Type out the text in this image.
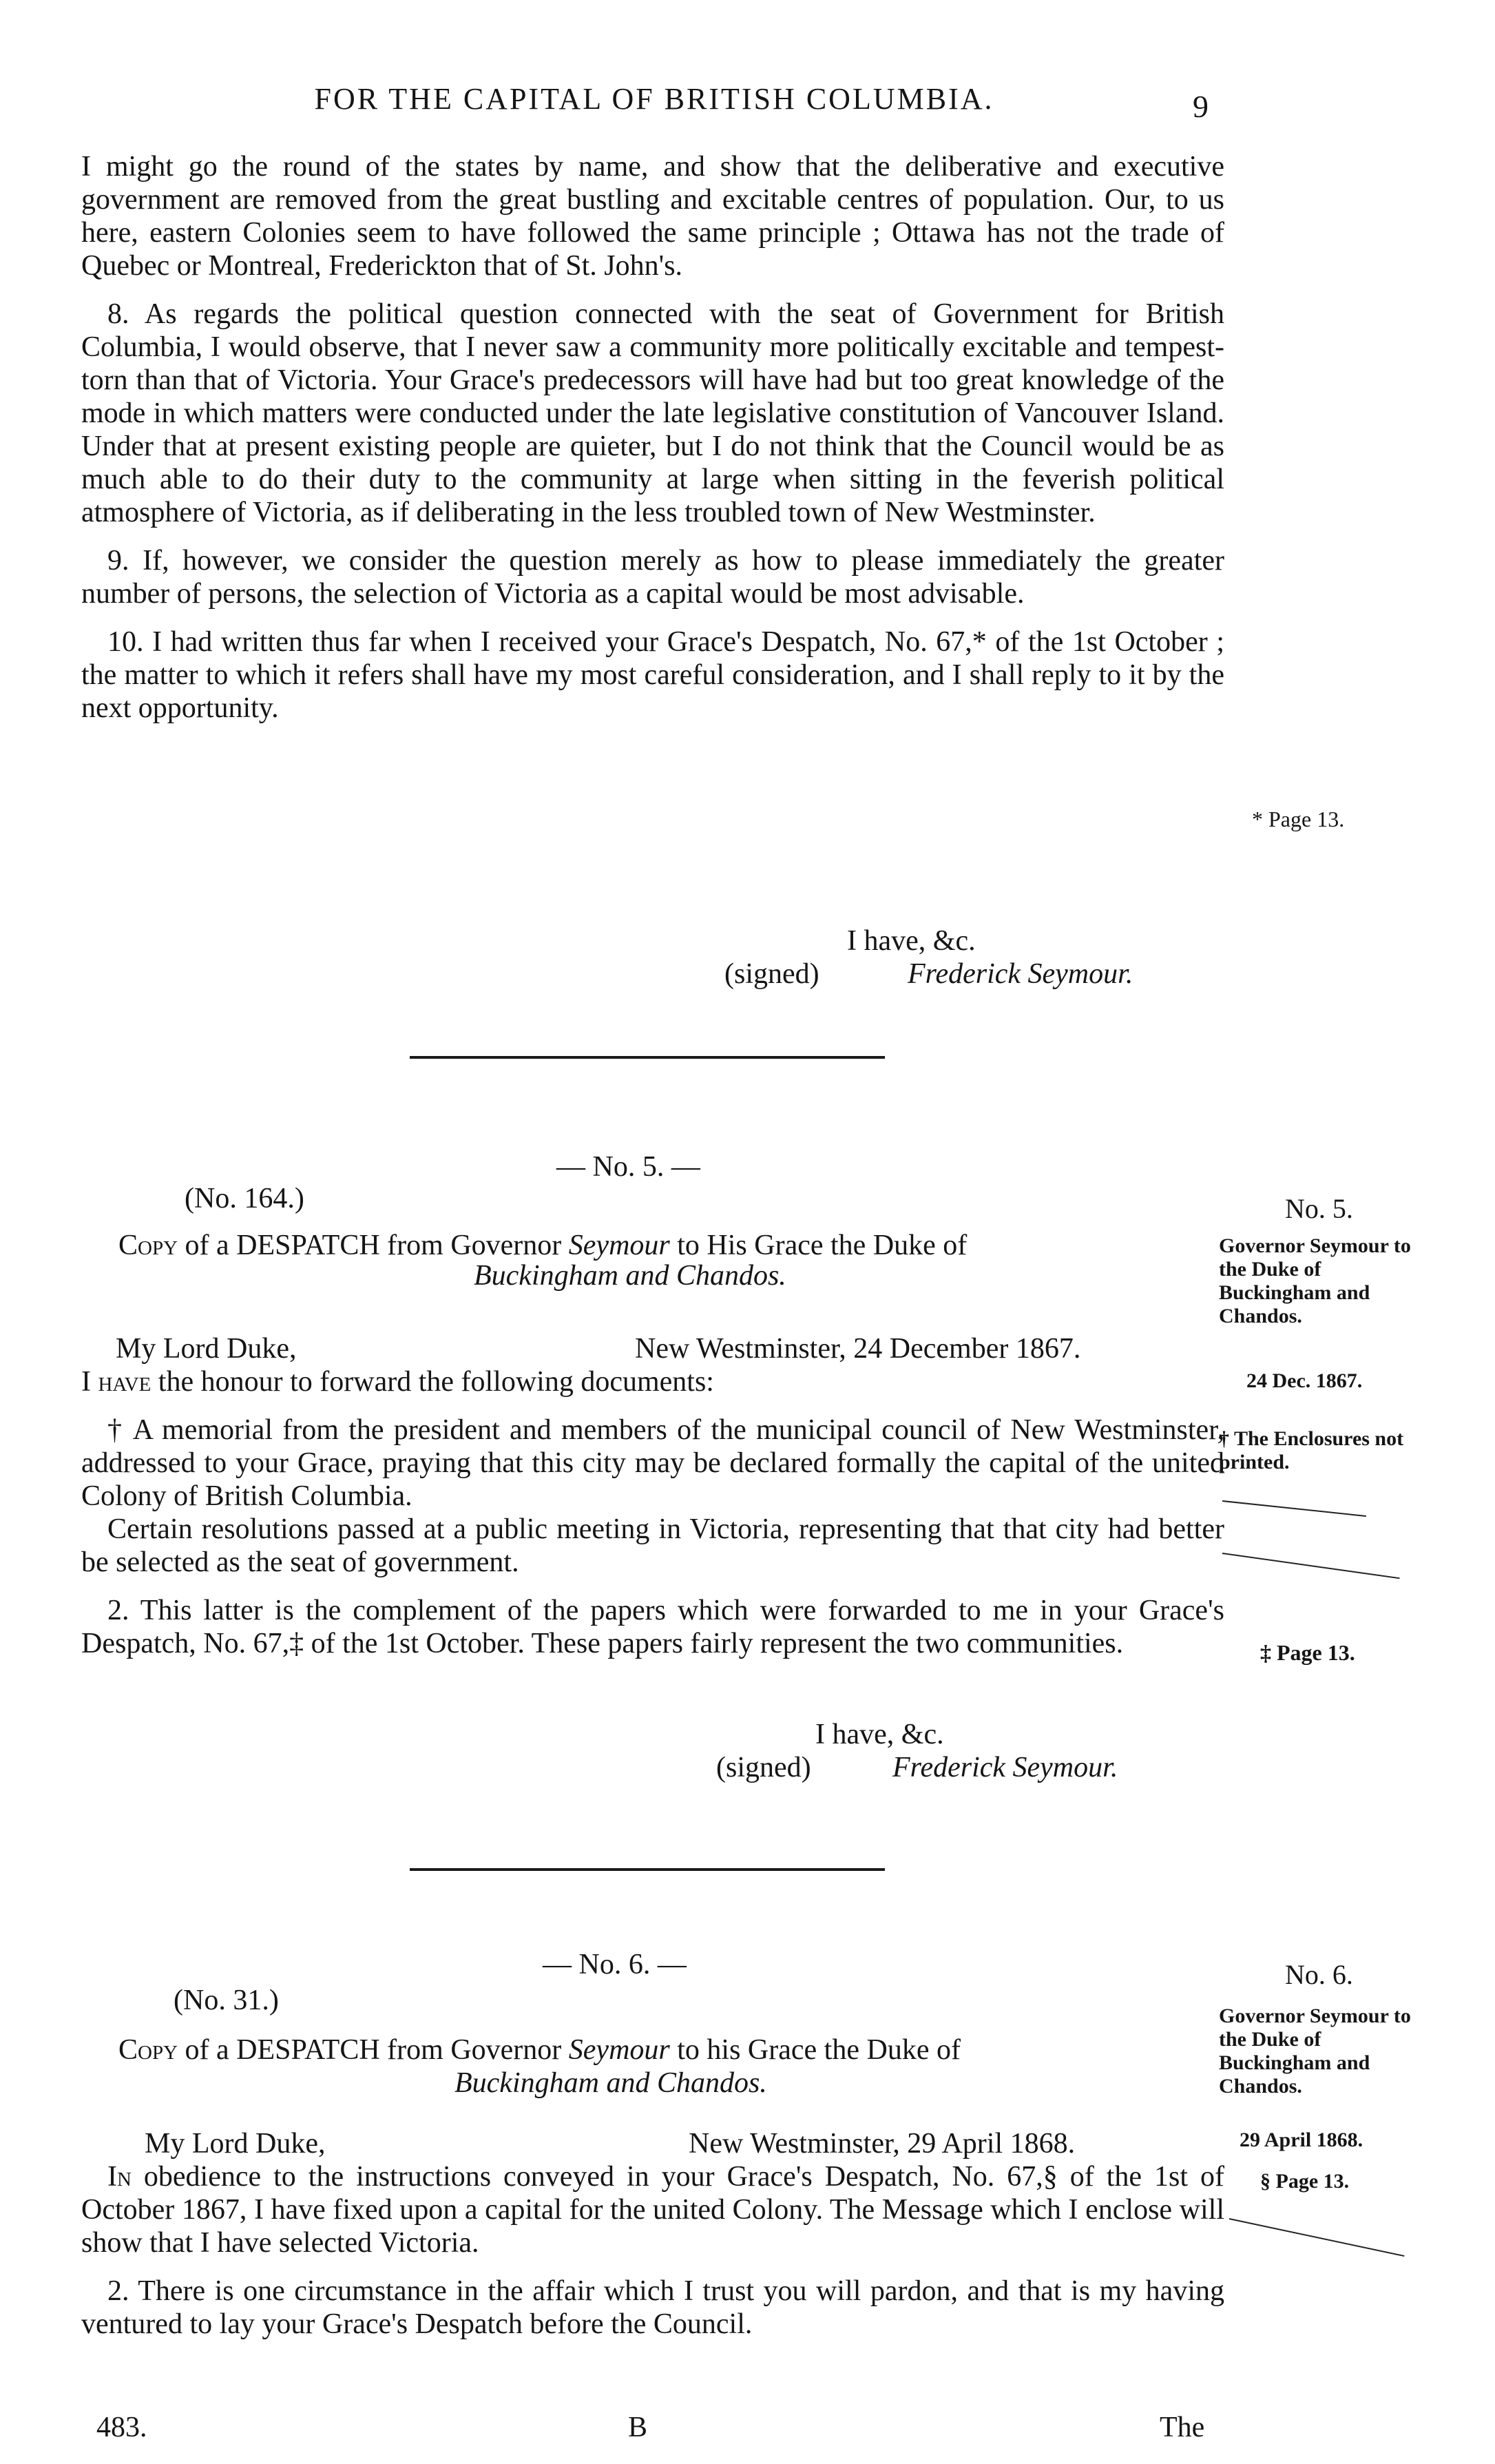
FOR THE CAPITAL OF BRITISH COLUMBIA.	9

I might go the round of the states by name, and show that the deliberative and executive government are removed from the great bustling and excitable centres of population. Our, to us here, eastern Colonies seem to have followed the same principle ; Ottawa has not the trade of Quebec or Montreal, Frederickton that of St. John's.

8. As regards the political question connected with the seat of Government for British Columbia, I would observe, that I never saw a community more politically excitable and tempest-torn than that of Victoria. Your Grace's predecessors will have had but too great knowledge of the mode in which matters were conducted under the late legislative constitution of Vancouver Island. Under that at present existing people are quieter, but I do not think that the Council would be as much able to do their duty to the community at large when sitting in the feverish political atmosphere of Victoria, as if deliberating in the less troubled town of New Westminster.

9. If, however, we consider the question merely as how to please immediately the greater number of persons, the selection of Victoria as a capital would be most advisable.

10. I had written thus far when I received your Grace's Despatch, No. 67,* of the 1st October ; the matter to which it refers shall have my most careful consideration, and I shall reply to it by the next opportunity.

* Page 13.
I have, &c.
(signed)	Frederick Seymour.
— No. 5. —
(No. 164.)
Copy of a DESPATCH from Governor Seymour to His Grace the Duke of
Buckingham and Chandos.
My Lord Duke,	New Westminster, 24 December 1867.

I have the honour to forward the following documents:

† A memorial from the president and members of the municipal council of New Westminster, addressed to your Grace, praying that this city may be declared formally the capital of the united Colony of British Columbia.

Certain resolutions passed at a public meeting in Victoria, representing that that city had better be selected as the seat of government.

2. This latter is the complement of the papers which were forwarded to me in your Grace's Despatch, No. 67,‡ of the 1st October. These papers fairly represent the two communities.

No. 5.
Governor Seymour to the Duke of Buckingham and Chandos.
24 Dec. 1867.
† The Enclosures not printed.
‡ Page 13.
I have, &c.
(signed)	Frederick Seymour.
— No. 6. —
(No. 31.)
Copy of a DESPATCH from Governor Seymour to his Grace the Duke of
Buckingham and Chandos.
My Lord Duke,	New Westminster, 29 April 1868.

In obedience to the instructions conveyed in your Grace's Despatch, No. 67,§ of the 1st of October 1867, I have fixed upon a capital for the united Colony. The Message which I enclose will show that I have selected Victoria.

2. There is one circumstance in the affair which I trust you will pardon, and that is my having ventured to lay your Grace's Despatch before the Council.

No. 6.
Governor Seymour to the Duke of Buckingham and Chandos.
29 April 1868.
§ Page 13.
483.	B	The
